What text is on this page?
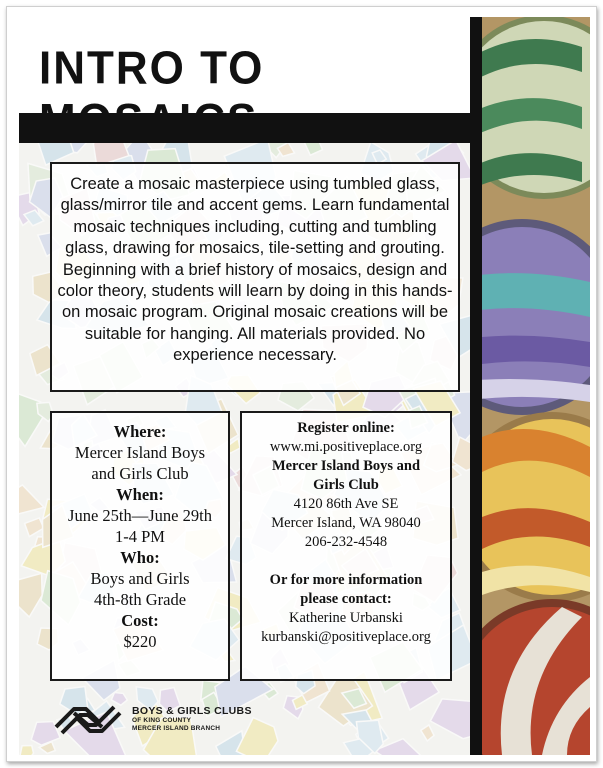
INTRO TO
Create a mosaic masterpiece using tumbled glass, glass/mirror tile and accent gems. Learn fundamental mosaic techniques including, cutting and tumbling glass, drawing for mosaics, tile-setting and grouting. Beginning with a brief history of mosaics, design and color theory, students will learn by doing in this hands-on mosaic program. Original mosaic creations will be suitable for hanging. All materials provided. No experience necessary.
Where:
Mercer Island Boys
and Girls Club
When:
June 25th—June 29th
1-4 PM
Who:
Boys and Girls
4th-8th Grade
Cost:
$220
Register online:
www.mi.positiveplace.org
Mercer Island Boys and
Girls Club
4120 86th Ave SE
Mercer Island, WA 98040
206-232-4548
Or for more information
please contact:
Katherine Urbanski
kurbanski@positiveplace.org
BOYS & GIRLS CLUBS
OF KING COUNTY
MERCER ISLAND BRANCH
